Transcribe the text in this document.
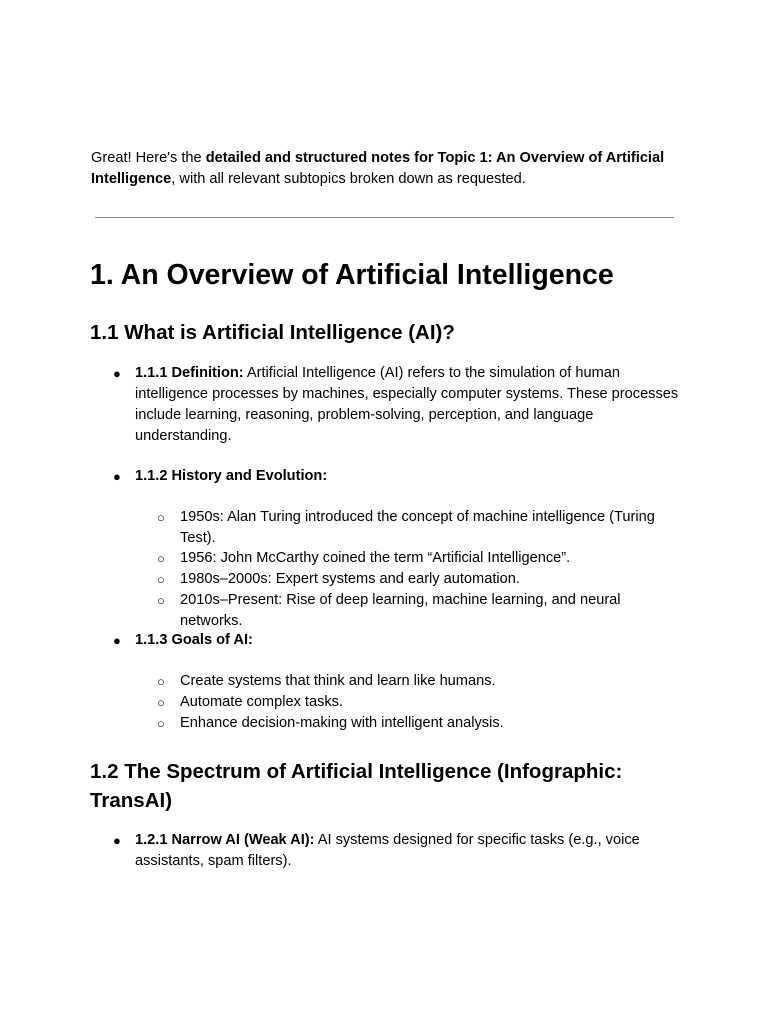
Great! Here's the detailed and structured notes for Topic 1: An Overview of Artificial Intelligence, with all relevant subtopics broken down as requested.

1. An Overview of Artificial Intelligence
1.1 What is Artificial Intelligence (AI)?
● 1.1.1 Definition: Artificial Intelligence (AI) refers to the simulation of human intelligence processes by machines, especially computer systems. These processes include learning, reasoning, problem-solving, perception, and language understanding.
● 1.1.2 History and Evolution:
○ 1950s: Alan Turing introduced the concept of machine intelligence (Turing Test).
○ 1956: John McCarthy coined the term “Artificial Intelligence”.
○ 1980s–2000s: Expert systems and early automation.
○ 2010s–Present: Rise of deep learning, machine learning, and neural networks.
● 1.1.3 Goals of AI:
○ Create systems that think and learn like humans.
○ Automate complex tasks.
○ Enhance decision-making with intelligent analysis.
1.2 The Spectrum of Artificial Intelligence (Infographic: TransAI)
● 1.2.1 Narrow AI (Weak AI): AI systems designed for specific tasks (e.g., voice assistants, spam filters).
